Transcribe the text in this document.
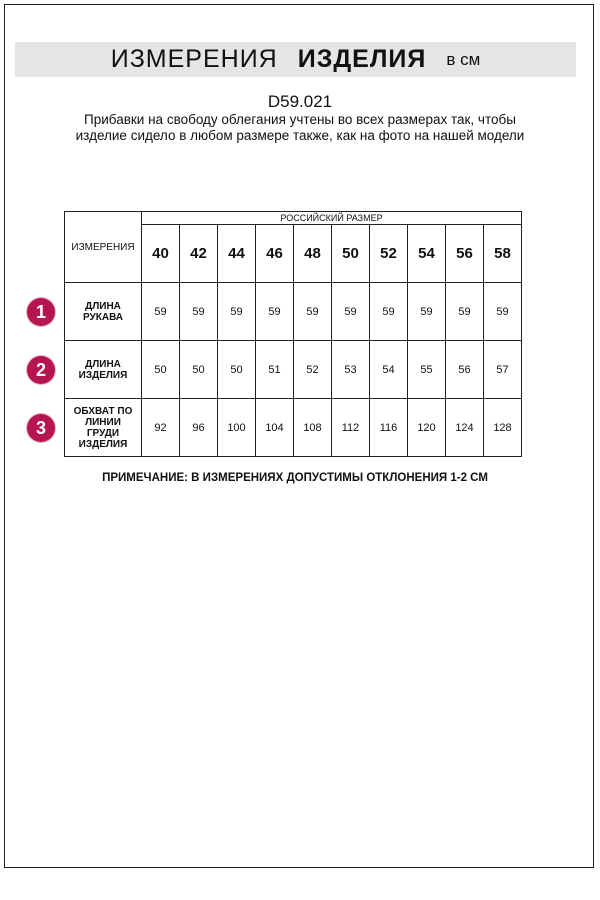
ИЗМЕРЕНИЯ ИЗДЕЛИЯ в см
D59.021
Прибавки на свободу облегания учтены во всех размерах так, чтобы изделие сидело в любом размере также, как на фото на нашей модели
ИЗМЕРЕНИЯ	РОССИЙСКИЙ РАЗМЕР									
	40	42	44	46	48	50	52	54	56	58
ДЛИНА РУКАВА	59	59	59	59	59	59	59	59	59	59
ДЛИНА ИЗДЕЛИЯ	50	50	50	51	52	53	54	55	56	57
ОБХВАТ ПО ЛИНИИ ГРУДИ ИЗДЕЛИЯ	92	96	100	104	108	112	116	120	124	128
1
2
3
ПРИМЕЧАНИЕ: В ИЗМЕРЕНИЯХ ДОПУСТИМЫ ОТКЛОНЕНИЯ 1-2 СМ
